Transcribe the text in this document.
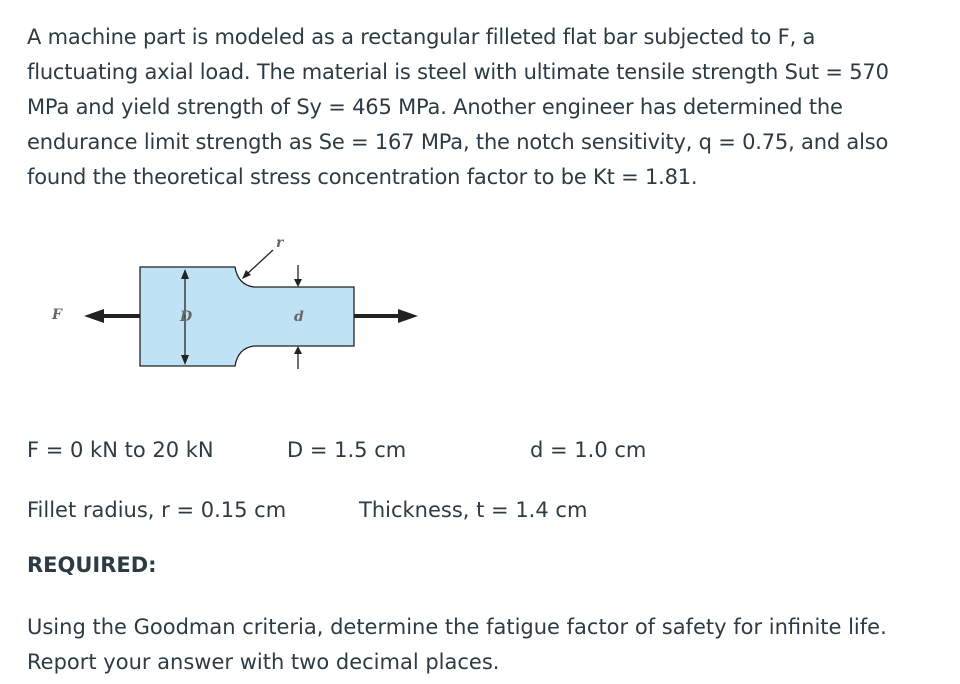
A machine part is modeled as a rectangular filleted flat bar subjected to F, a fluctuating axial load. The material is steel with ultimate tensile strength Sut = 570 MPa and yield strength of Sy = 465 MPa. Another engineer has determined the endurance limit strength as Se = 167 MPa, the notch sensitivity, q = 0.75, and also found the theoretical stress concentration factor to be Kt = 1.81.

F	D	d
r
F = 0 kN to 20 kN	D = 1.5 cm	d = 1.0 cm
Fillet radius, r = 0.15 cm	Thickness, t = 1.4 cm
REQUIRED:

Using the Goodman criteria, determine the fatigue factor of safety for infinite life. Report your answer with two decimal places.
